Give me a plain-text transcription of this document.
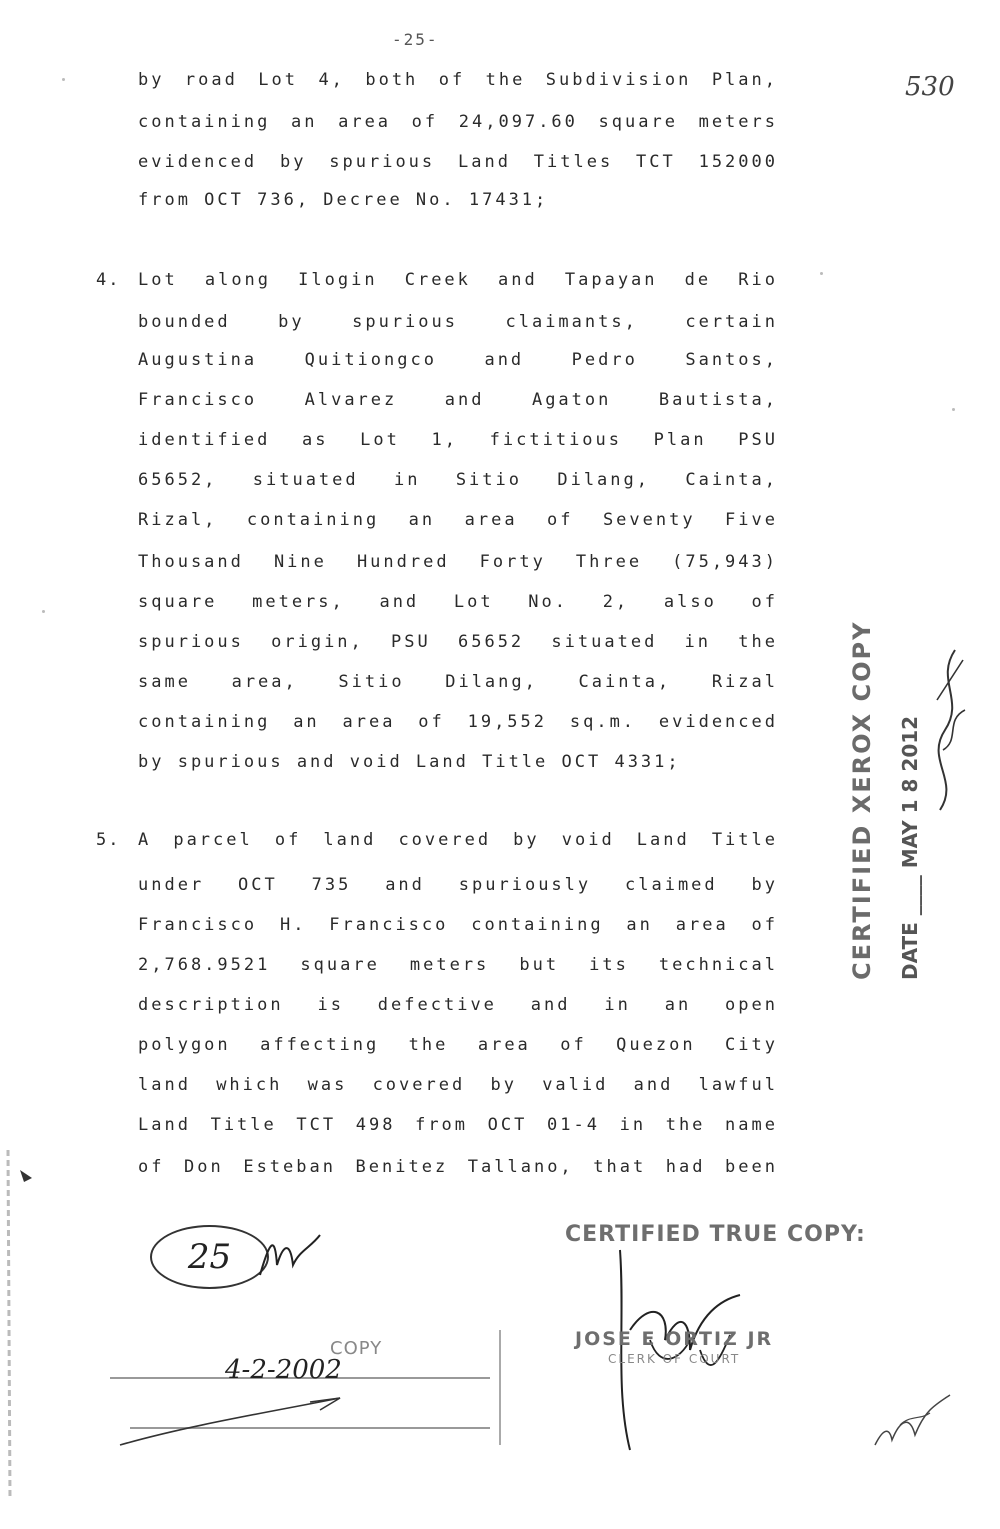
-25-
530
by road Lot 4, both of the Subdivision Plan,
containing an area of 24,097.60 square meters
evidenced by spurious Land Titles TCT 152000
from OCT 736, Decree No. 17431;
4. Lot along Ilogin Creek and Tapayan de Rio
bounded by spurious claimants, certain
Augustina Quitiongco and Pedro Santos,
Francisco Alvarez and Agaton Bautista,
identified as Lot 1, fictitious Plan PSU
65652, situated in Sitio Dilang, Cainta,
Rizal, containing an area of Seventy Five
Thousand Nine Hundred Forty Three (75,943)
square meters, and Lot No. 2, also of
spurious origin, PSU 65652 situated in the
same area, Sitio Dilang, Cainta, Rizal
containing an area of 19,552 sq.m. evidenced
by spurious and void Land Title OCT 4331;
5. A parcel of land covered by void Land Title
under OCT 735 and spuriously claimed by
Francisco H. Francisco containing an area of
2,768.9521 square meters but its technical
description is defective and in an open
polygon affecting the area of Quezon City
land which was covered by valid and lawful
Land Title TCT 498 from OCT 01-4 in the name
of Don Esteban Benitez Tallano, that had been
CERTIFIED XEROX COPY	DATE ____ MAY 1 8 2012
25
COPY
4-2-2002
CERTIFIED TRUE COPY:
JOSE E ORTIZ JR
CLERK OF COURT
